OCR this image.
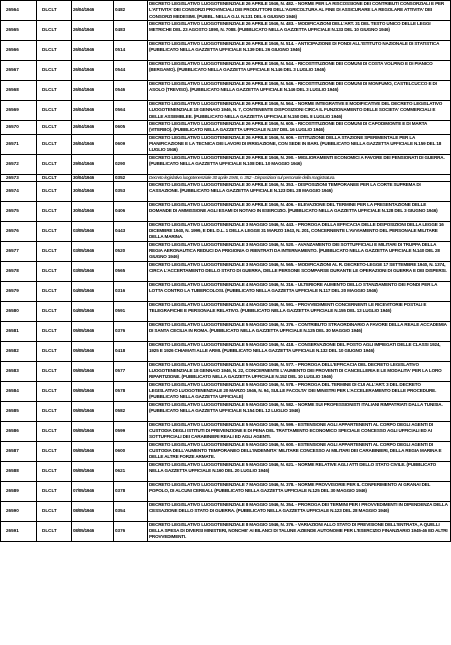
26564	DLCLT	26/04/1946	0482	DECRETO LEGISLATIVO LUOGOTENENZIALE 26 APRILE 1946, N. 482. - NORME PER LA RISCOSSIONE DEI CONTRIBUTI CONSORZIALI E PER L'ATTIVITA' DEI CONSORZI PROVINCIALI DEI PRODUTTORI DELL'AGRICOLTURA AL FINE DI ASSICURARE LA REGOLARE ATTIVITA' DEI CONSORZI MEDESIMI. (PUBBL. NELLA G.U. N.131 DEL 6 GIUGNO 1946)
26565	DLCLT	26/04/1946	0483	DECRETO LEGISLATIVO LUOGOTENENZIALE 26 APRILE 1946, N. 483. - MODIFICAZIONI DELL'ART. 31 DEL TESTO UNICO DELLE LEGGI METRICHE DEL 23 AGOSTO 1890, N. 7088. (PUBBLICATO NELLA GAZZETTA UFFICIALE N.133 DEL 10 GIUGNO 1946)
26566	DLCLT	26/04/1946	0514	DECRETO LEGISLATIVO LUOGOTENENZIALE 26 APRILE 1946, N. 514. - ANTICIPAZIONE DI FONDI ALL'ISTITUTO NAZIONALE DI STATISTICA (PUBBLICATO NELLA GAZZETTA UFFICIALE N.139 DEL 26 GIUGNO 1946)
26567	DLCLT	26/04/1946	0544	DECRETO LEGISLATIVO LUOGOTENENZIALE 26 APRILE 1946, N. 544. - RICOSTITUZIONE DEI COMUNI DI COSTA VOLPINO E DI PIANICO (BERGAMO). (PUBBLICATO NELLA GAZZETTA UFFICIALE N.146 DEL 3 LUGLIO 1946)
26568	DLCLT	26/04/1946	0546	DECRETO LEGISLATIVO LUOGOTENENZIALE 26 APRILE 1946, N. 546. - RICOSTITUZIONE DEI COMUNI DI MONFUMO, CASTELCUCCO E DI ASOLO (TREVISO). (PUBBLICATO NELLA GAZZETTA UFFICIALE N.146 DEL 3 LUGLIO 1946)
26569	DLCLT	26/04/1946	0564	DECRETO LEGISLATIVO LUOGOTENENZIALE 26 APRILE 1946, N. 564. - NORME INTEGRATIVE E MODIFICATIVE DEL DECRETO LEGISLATIVO LUOGOTENENZIALE 18 GENNAIO 1946, N. 7, CONTENENTE DISPOSIZIONI CIRCA IL FUNZIONAMENTO DELLE SOCIETA' COMMERCIALI E DELLE ASSEMBLEE. (PUBBLICATO NELLA GAZZETTA UFFICIALE N.150 DEL 8 LUGLIO 1946)
26570	DLCLT	26/04/1946	0605	DECRETO LEGISLATIVO LUOGOTENENZIALE 26 APRILE 1946, N. 605. - RICOSTITUZIONE DEI COMUNI DI CAPODIMONTE E DI MARTA (VITERBO). (PUBBLICATO NELLA GAZZETTA UFFICIALE N.157 DEL 16 LUGLIO 1946)
26571	DLCLT	26/04/1946	0609	DECRETO LEGISLATIVO LUOGOTENENZIALE 26 APRILE 1946, N. 609. - ISTITUZIONE DELLA STAZIONE SPERIMENTALE PER LA PIANIFICAZIONE E LA TECNICA DEI LAVORI DI IRRIGAZIONE, CON SEDE IN BARI. (PUBBLICATO NELLA GAZZETTA UFFICIALE N.159 DEL 18 LUGLIO 1946)
26572	DLCLT	29/04/1946	0290	DECRETO LEGISLATIVO LUOGOTENENZIALE 29 APRILE 1946, N. 290. - MIGLIORAMENTI ECONOMICI A FAVORE DEI PENSIONATI DI GUERRA. (PUBBLICATO NELLA GAZZETTA UFFICIALE N.108 DEL 10 MAGGIO 1946)
26573	DLCLT	30/04/1946	0352	Decreto legislativo luogotenenziale 30 aprile 1946, n. 352 - Disposizioni sul personale della magistratura.
26574	DLCLT	30/04/1946	0353	DECRETO LEGISLATIVO LUOGOTENENZIALE 30 APRILE 1946, N. 353. - DISPOSIZIONI TEMPORANEE PER LA CORTE SUPREMA DI CASSAZIONE. (PUBBLICATO NELLA GAZZETTA UFFICIALE N.123 DEL 28 MAGGIO 1946)
26575	DLCLT	30/04/1946	0406	DECRETO LEGISLATIVO LUOGOTENENZIALE 30 APRILE 1946, N. 406. - ELEVAZIONE DEL TERMINE PER LA PRESENTAZIONE DELLE DOMANDE DI AMMISSIONE AGLI ESAMI DI NOTAIO IN ESERCIZIO. (PUBBLICATO NELLA GAZZETTA UFFICIALE N.128 DEL 3 GIUGNO 1946)
26576	DLCLT	03/05/1946	0443	DECRETO LEGISLATIVO LUOGOTENENZIALE 3 MAGGIO 1946, N. 443. - PROROGA DELLA EFFICACIA DELLE DISPOSIZIONI DELLA LEGGE 16 DICEMBRE 1940, N. 1999, E DEL D.L. 1 DELLA LEGGE 31 MARZO 1943, N. 201, CONCERNENTE L'AVVIAMENTO DEL PERSONALE MILITARE DELLA MARINA.
26577	DLCLT	03/05/1946	0520	DECRETO LEGISLATIVO LUOGOTENENZIALE 3 MAGGIO 1946, N. 520. - AVANZAMENTO DEI SOTTUFFICIALI E MILITARI DI TRUPPA DELLA REGIA AERONAUTICA REDUCI DA PRIGIONIA O RIENTRATI DA INTERNAMENTO. (PUBBLICATO NELLA GAZZETTA UFFICIALE N.140 DEL 28 GIUGNO 1946)
26578	DLCLT	03/05/1946	0565	DECRETO LEGISLATIVO LUOGOTENENZIALE 3 MAGGIO 1946, N. 565. - MODIFICAZIONI AL R. DECRETO-LEGGE 17 SETTEMBRE 1940, N. 1374, CIRCA L'ACCERTAMENTO DELLO STATO DI GUERRA, DELLE PERSONE SCOMPARSE DURANTE LE OPERAZIONI DI GUERRA E DEI DISPERSI.
26579	DLCLT	04/05/1946	0316	DECRETO LEGISLATIVO LUOGOTENENZIALE 4 MAGGIO 1946, N. 316. - ULTERIORE AUMENTO DELLO STANZIAMENTO DEI FONDI PER LA LOTTA CONTRO LA TUBERCOLOSI. (PUBBLICATO NELLA GAZZETTA UFFICIALE N.117 DEL 20 MAGGIO 1946)
26580	DLCLT	04/05/1946	0591	DECRETO LEGISLATIVO LUOGOTENENZIALE 4 MAGGIO 1946, N. 591. - PROVVEDIMENTI CONCERNENTI LE RICEVITORIE POSTALI E TELEGRAFICHE E PERSONALE RELATIVO. (PUBBLICATO NELLA GAZZETTA UFFICIALE N.155 DEL 13 LUGLIO 1946)
26581	DLCLT	05/05/1946	0376	DECRETO LEGISLATIVO LUOGOTENENZIALE 5 MAGGIO 1946, N. 376. - CONTRIBUTO STRAORDINARIO A FAVORE DELLA REALE ACCADEMIA DI SANTA CECILIA IN ROMA. (PUBBLICATO NELLA GAZZETTA UFFICIALE N.125 DEL 30 MAGGIO 1946)
26582	DLCLT	05/05/1946	0418	DECRETO LEGISLATIVO LUOGOTENENZIALE 5 MAGGIO 1946, N. 418. - CONSERVAZIONE DEL POSTO AGLI IMPIEGATI DELLE CLASSI 1924, 1925 E 1926 CHIAMATI ALLE ARMI. (PUBBLICATO NELLA GAZZETTA UFFICIALE N.132 DEL 10 GIUGNO 1946)
26583	DLCLT	05/05/1946	0577	DECRETO LEGISLATIVO LUOGOTENENZIALE 5 MAGGIO 1946, N. 577. - PROROGA DELL'EFFICACIA DEL DECRETO LEGISLATIVO LUOGOTENENZIALE 18 GENNAIO 1946, N. 22, CONCERNENTE L'AUMENTO DEI PROVENTI DI CANCELLERIA E LE MODALITA' PER LA LORO RIPARTIZIONE. (PUBBLICATO NELLA GAZZETTA UFFICIALE N.152 DEL 10 LUGLIO 1946)
26584	DLCLT	05/05/1946	0578	DECRETO LEGISLATIVO LUOGOTENENZIALE 5 MAGGIO 1946, N. 578. - PROROGA DEL TERMINE DI CUI ALL'ART. 3 DEL DECRETO LEGISLATIVO LUOGOTENENZIALE 20 MARZO 1946, N. 94, SULLE FACOLTA' DEI MINISTRI PER L'ACCELERAMENTO DELLE PROCEDURE. (PUBBLICATO NELLA GAZZETTA UFFICIALE)
26585	DLCLT	05/05/1946	0582	DECRETO LEGISLATIVO LUOGOTENENZIALE 5 MAGGIO 1946, N. 582. - NORME SUI PROFESSIONISTI ITALIANI RIMPATRIATI DALLA TUNISIA. (PUBBLICATO NELLA GAZZETTA UFFICIALE N.154 DEL 12 LUGLIO 1946)
26586	DLCLT	05/05/1946	0599	DECRETO LEGISLATIVO LUOGOTENENZIALE 5 MAGGIO 1946, N. 599. - ESTENSIONE AGLI APPARTENENTI AL CORPO DEGLI AGENTI DI CUSTODIA DEGLI ISTITUTI DI PREVENZIONE E DI PENA DEL TRATTAMENTO ECONOMICO SPECIALE CONCESSO AGLI UFFICIALI ED AI SOTTUFFICIALI DEI CARABINIERI REALI ED AGLI AGENTI.
26587	DLCLT	05/05/1946	0600	DECRETO LEGISLATIVO LUOGOTENENZIALE 5 MAGGIO 1946, N. 600. - ESTENSIONE AGLI APPARTENENTI AL CORPO DEGLI AGENTI DI CUSTODIA DELL'AUMENTO TEMPORANEO DELL'INDENNITA' MILITARE CONCESSO AI MILITARI DEI CARABINIERI, DELLA REGIA MARINA E DELLE ALTRE FORZE ARMATE.
26588	DLCLT	05/05/1946	0621	DECRETO LEGISLATIVO LUOGOTENENZIALE 5 MAGGIO 1946, N. 621. - NORME RELATIVE AGLI ATTI DELLO STATO CIVILE. (PUBBLICATO NELLA GAZZETTA UFFICIALE N.160 DEL 20 LUGLIO 1946)
26589	DLCLT	07/05/1946	0378	DECRETO LEGISLATIVO LUOGOTENENZIALE 7 MAGGIO 1946, N. 378. - NORME PROVVISORIE PER IL CONFERIMENTO AI GRANAI DEL POPOLO, DI ALCUNI CEREALI. (PUBBLICATO NELLA GAZZETTA UFFICIALE N.125 DEL 30 MAGGIO 1946)
26590	DLCLT	08/05/1946	0354	DECRETO LEGISLATIVO LUOGOTENENZIALE 8 MAGGIO 1946, N. 354. - PROROGA DEI TERMINI PER I PROVVEDIMENTI IN DIPENDENZA DELLA CESSAZIONE DELLO STATO DI GUERRA. (PUBBLICATO NELLA GAZZETTA UFFICIALE N.123 DEL 28 MAGGIO 1946)
26591	DLCLT	08/05/1946	0376	DECRETO LEGISLATIVO LUOGOTENENZIALE 8 MAGGIO 1946, N. 376. - VARIAZIONI ALLO STATO DI PREVISIONE DELL'ENTRATA, A QUELLI DELLA SPESA DI DIVERSI MINISTERI, NONCHE' AI BILANCI DI TALUNE AZIENDE AUTONOME PER L'ESERCIZIO FINANZIARIO 1945-46 ED ALTRI PROVVEDIMENTI.
